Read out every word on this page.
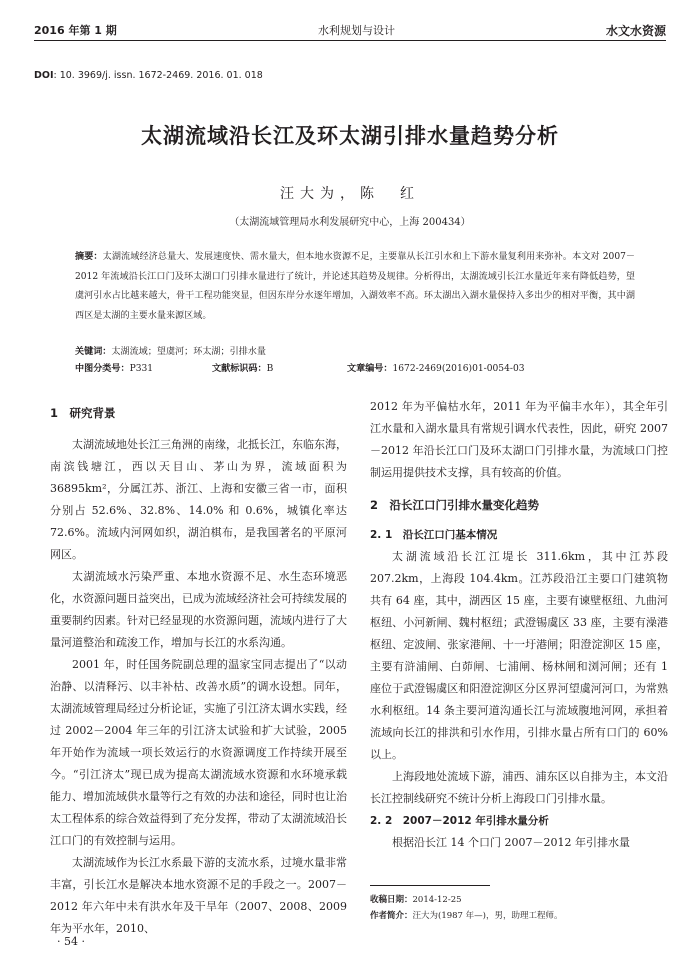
2016 年第 1 期	水利规划与设计	水文水资源
DOI: 10. 3969/j. issn. 1672-2469. 2016. 01. 018
太湖流域沿长江及环太湖引排水量趋势分析
汪大为，陈　红
（太湖流域管理局水利发展研究中心，上海 200434）
摘要：太湖流域经济总量大、发展速度快、需水量大，但本地水资源不足，主要靠从长江引水和上下游水量复利用来弥补。本文对 2007－2012 年流域沿长江口门及环太湖口门引排水量进行了统计，并论述其趋势及规律。分析得出，太湖流域引长江水量近年来有降低趋势，望虞河引水占比越来越大，骨干工程功能突显，但因东岸分水逐年增加，入湖效率不高。环太湖出入湖水量保持入多出少的相对平衡，其中湖西区是太湖的主要水量来源区域。
关键词：太湖流域；望虞河；环太湖；引排水量
中图分类号：P331	文献标识码：B	文章编号：1672-2469(2016)01-0054-03
1　研究背景

太湖流域地处长江三角洲的南缘，北抵长江，东临东海，南滨钱塘江，西以天目山、茅山为界，流域面积为 36895km²，分属江苏、浙江、上海和安徽三省一市，面积分别占 52.6%、32.8%、14.0% 和 0.6%，城镇化率达 72.6%。流域内河网如织，湖泊棋布，是我国著名的平原河网区。

太湖流域水污染严重、本地水资源不足、水生态环境恶化，水资源问题日益突出，已成为流域经济社会可持续发展的重要制约因素。针对已经显现的水资源问题，流域内进行了大量河道整治和疏浚工作，增加与长江的水系沟通。

2001 年，时任国务院副总理的温家宝同志提出了“以动治静、以清释污、以丰补枯、改善水质”的调水设想。同年，太湖流域管理局经过分析论证，实施了引江济太调水实践，经过 2002－2004 年三年的引江济太试验和扩大试验，2005 年开始作为流域一项长效运行的水资源调度工作持续开展至今。“引江济太”现已成为提高太湖流域水资源和水环境承载能力、增加流域供水量等行之有效的办法和途径，同时也让治太工程体系的综合效益得到了充分发挥，带动了太湖流域沿长江口门的有效控制与运用。

太湖流域作为长江水系最下游的支流水系，过境水量非常丰富，引长江水是解决本地水资源不足的手段之一。2007－2012 年六年中未有洪水年及干旱年（2007、2008、2009 年为平水年，2010、

2012 年为平偏枯水年，2011 年为平偏丰水年），其全年引江水量和入湖水量具有常规引调水代表性，因此，研究 2007－2012 年沿长江口门及环太湖口门引排水量，为流域口门控制运用提供技术支撑，具有较高的价值。

2　沿长江口门引排水量变化趋势
2. 1　沿长江口门基本情况

太湖流域沿长江江堤长 311.6km，其中江苏段 207.2km，上海段 104.4km。江苏段沿江主要口门建筑物共有 64 座，其中，湖西区 15 座，主要有谏壁枢纽、九曲河枢纽、小河新闸、魏村枢纽；武澄锡虞区 33 座，主要有澡港枢纽、定波闸、张家港闸、十一圩港闸；阳澄淀泖区 15 座，主要有浒浦闸、白茆闸、七浦闸、杨林闸和浏河闸；还有 1 座位于武澄锡虞区和阳澄淀泖区分区界河望虞河河口，为常熟水利枢纽。14 条主要河道沟通长江与流域腹地河网，承担着流域向长江的排洪和引水作用，引排水量占所有口门的 60% 以上。

上海段地处流域下游，浦西、浦东区以自排为主，本文沿长江控制线研究不统计分析上海段口门引排水量。

2. 2　2007－2012 年引排水量分析

根据沿长江 14 个口门 2007－2012 年引排水量

收稿日期：2014-12-25
作者简介：汪大为(1987 年—)，男，助理工程师。
· 54 ·
